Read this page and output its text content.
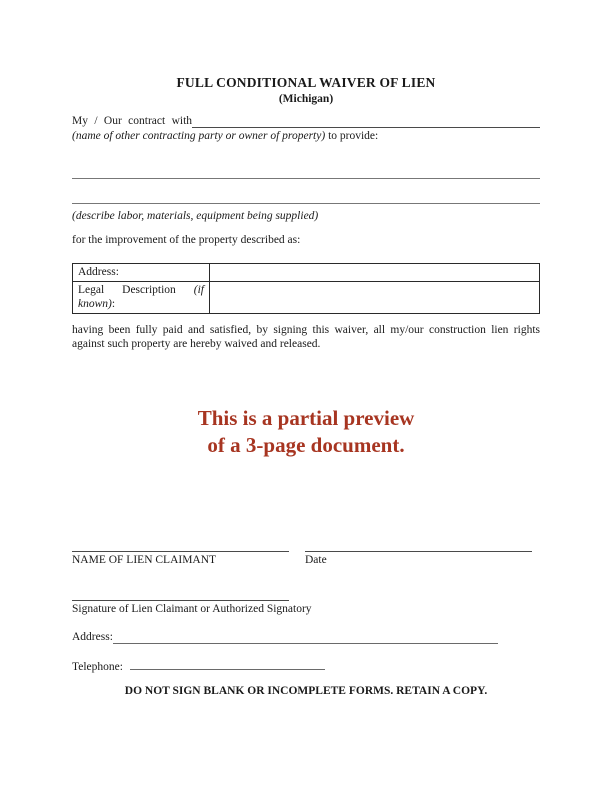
FULL CONDITIONAL WAIVER OF LIEN
(Michigan)
My / Our contract with
(name of other contracting party or owner of property) to provide:
(describe labor, materials, equipment being supplied)
for the improvement of the property described as:
Address:	
Legal Description (if known):	
having been fully paid and satisfied, by signing this waiver, all my/our construction lien rights against such property are hereby waived and released.
This is a partial preview
of a 3-page document.
NAME OF LIEN CLAIMANT	Date
Signature of Lien Claimant or Authorized Signatory
Address:
Telephone:
DO NOT SIGN BLANK OR INCOMPLETE FORMS. RETAIN A COPY.
